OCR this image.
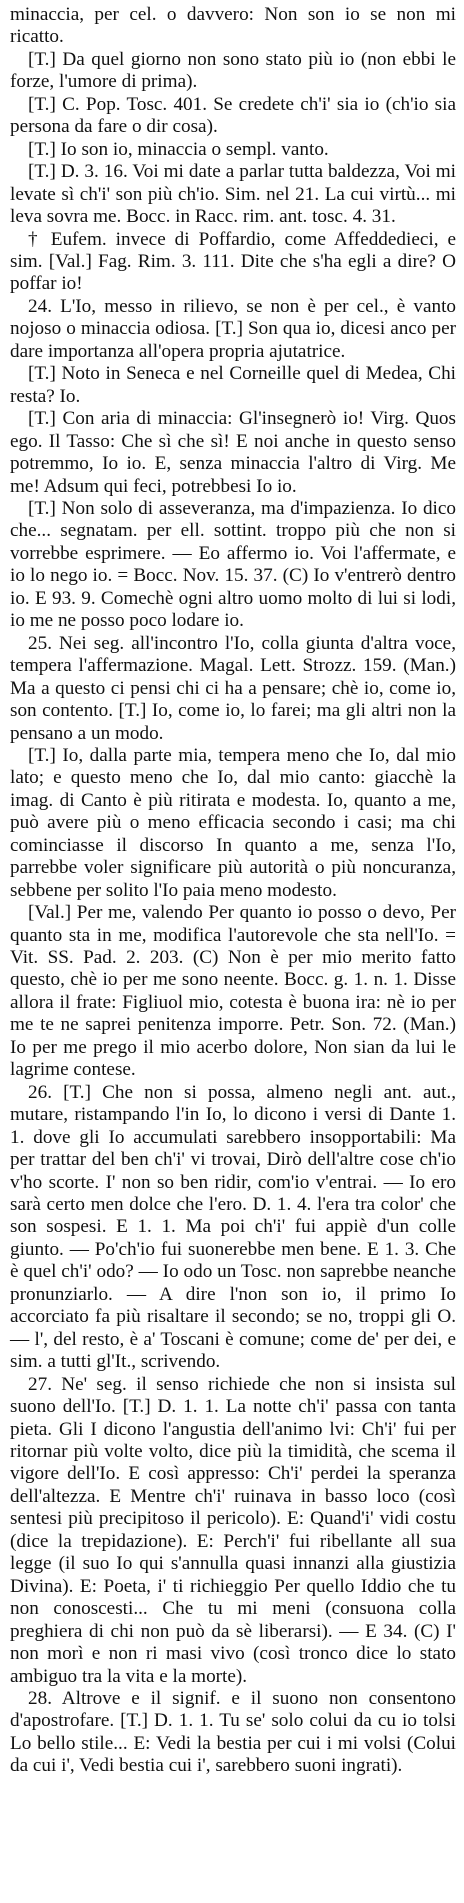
minaccia, per cel. o davvero: Non son io se non mi ricatto.

[T.] Da quel giorno non sono stato più io (non ebbi le forze, l'umore di prima).

[T.] C. Pop. Tosc. 401. Se credete ch'i' sia io (ch'io sia persona da fare o dir cosa).

[T.] Io son io, minaccia o sempl. vanto.

[T.] D. 3. 16. Voi mi date a parlar tutta baldezza, Voi mi levate sì ch'i' son più ch'io. Sim. nel 21. La cui virtù... mi leva sovra me. Bocc. in Racc. rim. ant. tosc. 4. 31.

† Eufem. invece di Poffardio, come Affeddedieci, e sim. [Val.] Fag. Rim. 3. 111. Dite che s'ha egli a dire? O poffar io!

24. L'Io, messo in rilievo, se non è per cel., è vanto nojoso o minaccia odiosa. [T.] Son qua io, dicesi anco per dare importanza all'opera propria ajutatrice.

[T.] Noto in Seneca e nel Corneille quel di Medea, Chi resta? Io.

[T.] Con aria di minaccia: Gl'insegnerò io! Virg. Quos ego. Il Tasso: Che sì che sì! E noi anche in questo senso potremmo, Io io. E, senza minaccia l'altro di Virg. Me me! Adsum qui feci, potrebbesi Io io.

[T.] Non solo di asseveranza, ma d'impazienza. Io dico che... segnatam. per ell. sottint. troppo più che non si vorrebbe esprimere. — Eo affermo io. Voi l'affermate, e io lo nego io. = Bocc. Nov. 15. 37. (C) Io v'entrerò dentro io. E 93. 9. Comechè ogni altro uomo molto di lui si lodi, io me ne posso poco lodare io.

25. Nei seg. all'incontro l'Io, colla giunta d'altra voce, tempera l'affermazione. Magal. Lett. Strozz. 159. (Man.) Ma a questo ci pensi chi ci ha a pensare; chè io, come io, son contento. [T.] Io, come io, lo farei; ma gli altri non la pensano a un modo.

[T.] Io, dalla parte mia, tempera meno che Io, dal mio lato; e questo meno che Io, dal mio canto: giacchè la imag. di Canto è più ritirata e modesta. Io, quanto a me, può avere più o meno efficacia secondo i casi; ma chi cominciasse il discorso In quanto a me, senza l'Io, parrebbe voler significare più autorità o più noncuranza, sebbene per solito l'Io paia meno modesto.

[Val.] Per me, valendo Per quanto io posso o devo, Per quanto sta in me, modifica l'autorevole che sta nell'Io. = Vit. SS. Pad. 2. 203. (C) Non è per mio merito fatto questo, chè io per me sono neente. Bocc. g. 1. n. 1. Disse allora il frate: Figliuol mio, cotesta è buona ira: nè io per me te ne saprei penitenza imporre. Petr. Son. 72. (Man.) Io per me prego il mio acerbo dolore, Non sian da lui le lagrime contese.

26. [T.] Che non si possa, almeno negli ant. aut., mutare, ristampando l'in Io, lo dicono i versi di Dante 1. 1. dove gli Io accumulati sarebbero insopportabili: Ma per trattar del ben ch'i' vi trovai, Dirò dell'altre cose ch'io v'ho scorte. I' non so ben ridir, com'io v'entrai. — Io ero sarà certo men dolce che l'ero. D. 1. 4. l'era tra color' che son sospesi. E 1. 1. Ma poi ch'i' fui appiè d'un colle giunto. — Po'ch'io fui suonerebbe men bene. E 1. 3. Che è quel ch'i' odo? — Io odo un Tosc. non saprebbe neanche pronunziarlo. — A dire l'non son io, il primo Io accorciato fa più risaltare il secondo; se no, troppi gli O. — l', del resto, è a' Toscani è comune; come de' per dei, e sim. a tutti gl'It., scrivendo.

27. Ne' seg. il senso richiede che non si insista sul suono dell'Io. [T.] D. 1. 1. La notte ch'i' passa con tanta pieta. Gli I dicono l'angustia dell'animo lvi: Ch'i' fui per ritornar più volte volto, dice più la timidità, che scema il vigore dell'Io. E così appresso: Ch'i' perdei la speranza dell'altezza. E Mentre ch'i' ruinava in basso loco (così sentesi più precipitoso il pericolo). E: Quand'i' vidi costu (dice la trepidazione). E: Perch'i' fui ribellante all sua legge (il suo Io qui s'annulla quasi innanzi alla giustizia Divina). E: Poeta, i' ti richieggio Per quello Iddio che tu non conoscesti... Che tu mi meni (consuona colla preghiera di chi non può da sè liberarsi). — E 34. (C) I' non morì e non ri masi vivo (così tronco dice lo stato ambiguo tra la vita e la morte).

28. Altrove e il signif. e il suono non consentono d'apostrofare. [T.] D. 1. 1. Tu se' solo colui da cu io tolsi Lo bello stile... E: Vedi la bestia per cui i mi volsi (Colui da cui i', Vedi bestia cui i', sarebbero suoni ingrati).
